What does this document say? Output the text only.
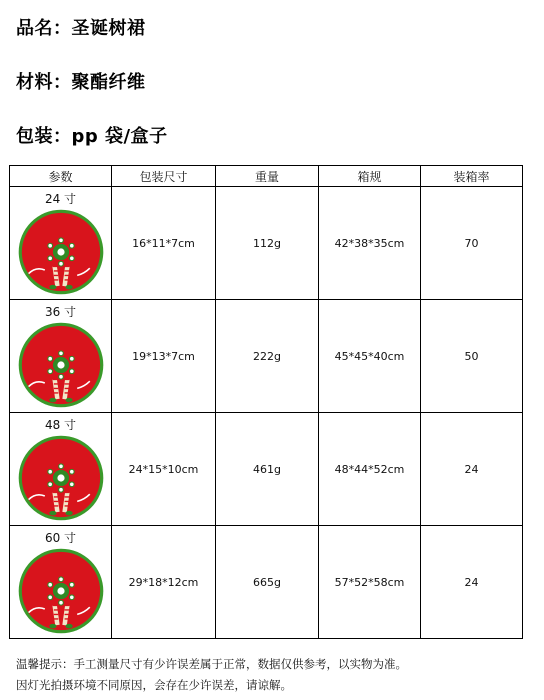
品名：圣诞树裙
材料：聚酯纤维
包装：pp 袋/盒子
参数	包装尺寸	重量	箱规	装箱率

24 寸	16*11*7cm	112g	42*38*35cm	70

36 寸	19*13*7cm	222g	45*45*40cm	50

48 寸	24*15*10cm	461g	48*44*52cm	24

60 寸	29*18*12cm	665g	57*52*58cm	24
温馨提示：手工测量尺寸有少许误差属于正常，数据仅供参考，以实物为准。
因灯光拍摄环境不同原因，会存在少许误差，请谅解。
